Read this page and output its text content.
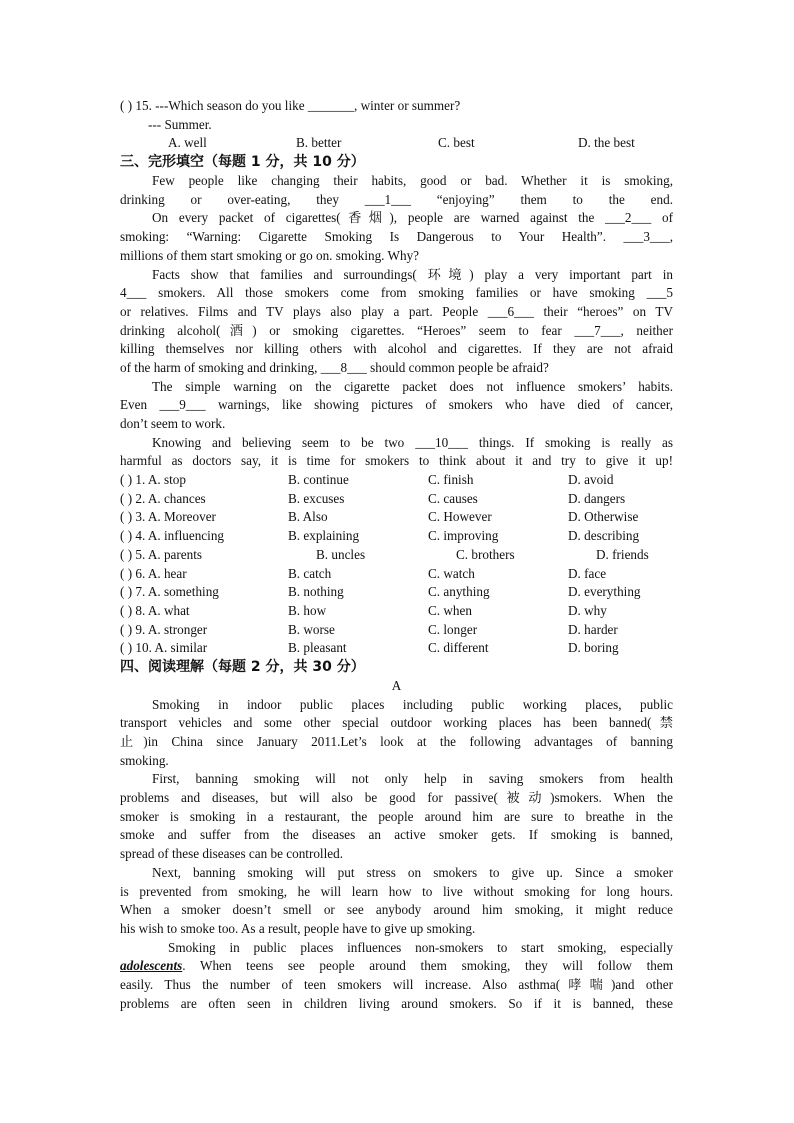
( ) 15. ---Which season do you like _______, winter or summer?
--- Summer.
A. well	B. better	C. best	D. the best
三、完形填空（每题 1 分，共 10 分）
Few people like changing their habits, good or bad. Whether it is smoking,
drinking or over-eating, they ___1___ “enjoying” them to the end.
On every packet of cigarettes(香烟), people are warned against the ___2___ of
smoking: “Warning: Cigarette Smoking Is Dangerous to Your Health”. ___3___,
millions of them start smoking or go on. smoking. Why?
Facts show that families and surroundings( 环境) play a very important part in
4___ smokers. All those smokers come from smoking families or have smoking ___5
or relatives. Films and TV plays also play a part. People ___6___ their “heroes” on TV
drinking alcohol(酒) or smoking cigarettes. “Heroes” seem to fear ___7___, neither
killing themselves nor killing others with alcohol and cigarettes. If they are not afraid
of the harm of smoking and drinking, ___8___ should common people be afraid?
The simple warning on the cigarette packet does not influence smokers’ habits.
Even ___9___ warnings, like showing pictures of smokers who have died of cancer,
don’t seem to work.
Knowing and believing seem to be two ___10___ things. If smoking is really as
harmful as doctors say, it is time for smokers to think about it and try to give it up!
( ) 1. A. stop	B. continue	C. finish	D. avoid
( ) 2. A. chances	B. excuses	C. causes	D. dangers
( ) 3. A. Moreover	B. Also	C. However	D. Otherwise
( ) 4. A. influencing	B. explaining	C. improving	D. describing
( ) 5. A. parents	B. uncles	C. brothers	D. friends
( ) 6. A. hear	B. catch	C. watch	D. face
( ) 7. A. something	B. nothing	C. anything	D. everything
( ) 8. A. what	B. how	C. when	D. why
( ) 9. A. stronger	B. worse	C. longer	D. harder
( ) 10. A. similar	B. pleasant	C. different	D. boring
四、阅读理解（每题 2 分，共 30 分）
A
Smoking in indoor public places including public working places, public
transport vehicles and some other special outdoor working places has been banned(禁
止)in China since January 2011.Let’s look at the following advantages of banning
smoking.
First, banning smoking will not only help in saving smokers from health
problems and diseases, but will also be good for passive(被动)smokers. When the
smoker is smoking in a restaurant, the people around him are sure to breathe in the
smoke and suffer from the diseases an active smoker gets. If smoking is banned,
spread of these diseases can be controlled.
Next, banning smoking will put stress on smokers to give up. Since a smoker
is prevented from smoking, he will learn how to live without smoking for long hours.
When a smoker doesn’t smell or see anybody around him smoking, it might reduce
his wish to smoke too. As a result, people have to give up smoking.
Smoking in public places influences non-smokers to start smoking, especially
adolescents. When teens see people around them smoking, they will follow them
easily. Thus the number of teen smokers will increase. Also asthma(哮喘)and other
problems are often seen in children living around smokers. So if it is banned, these
